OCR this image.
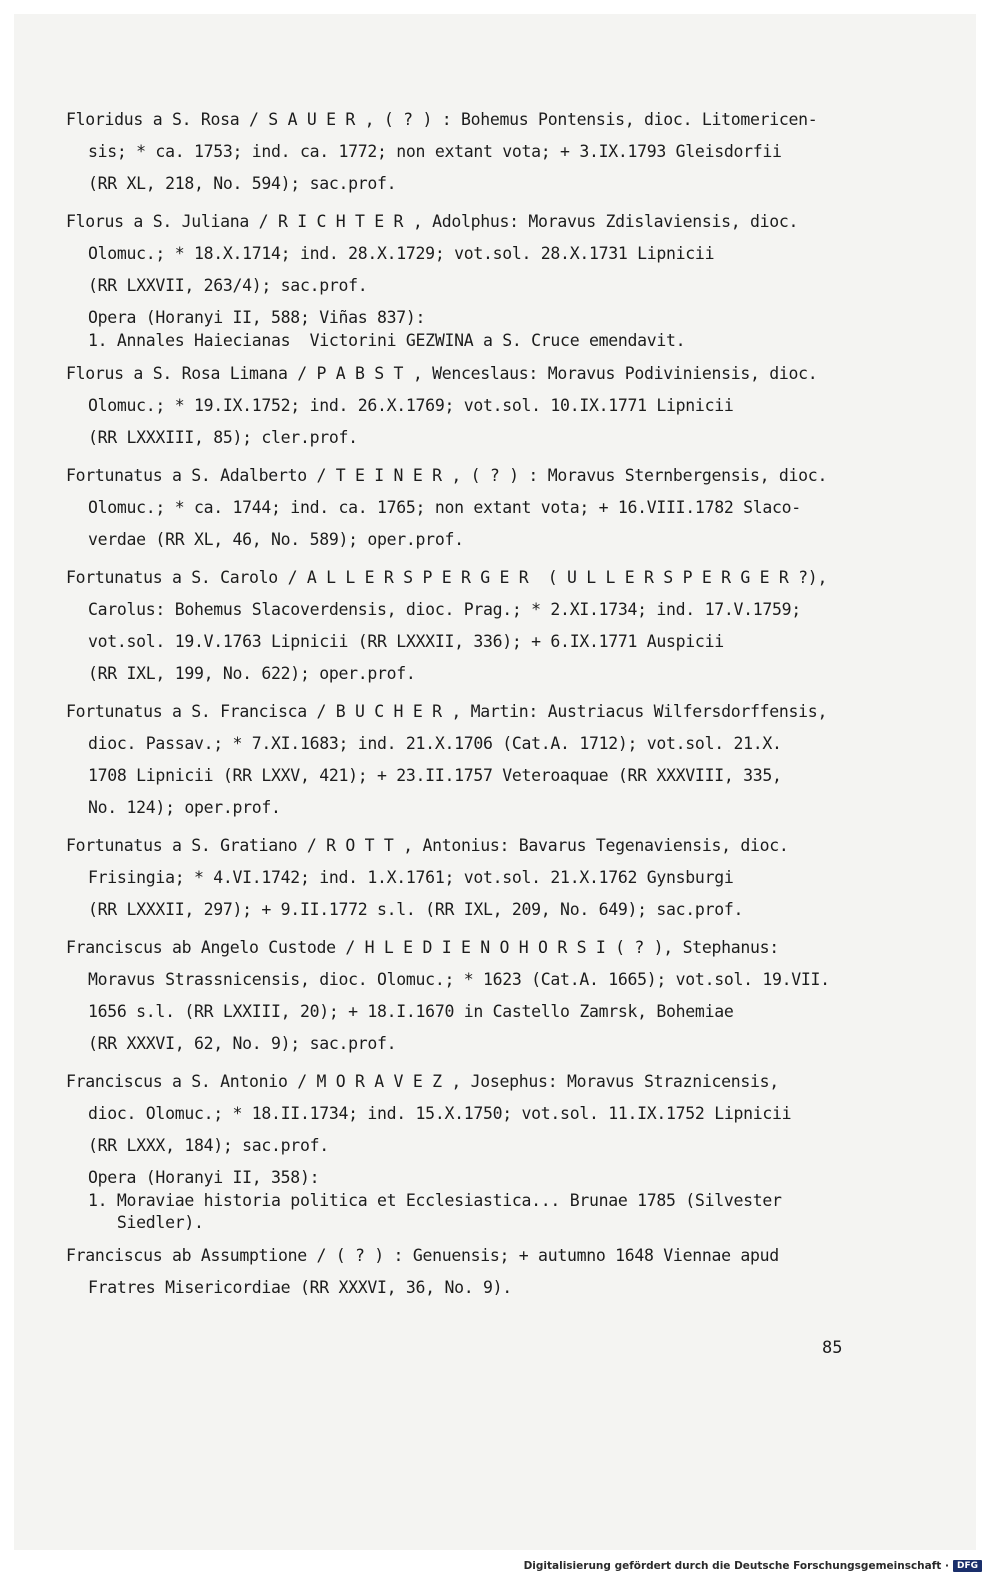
Floridus a S. Rosa / S A U E R , ( ? ) : Bohemus Pontensis, dioc. Litomericen-
sis; * ca. 1753; ind. ca. 1772; non extant vota; + 3.IX.1793 Gleisdorfii
(RR XL, 218, No. 594); sac.prof.
Florus a S. Juliana / R I C H T E R , Adolphus: Moravus Zdislaviensis, dioc.
Olomuc.; * 18.X.1714; ind. 28.X.1729; vot.sol. 28.X.1731 Lipnicii
(RR LXXVII, 263/4); sac.prof.
Opera (Horanyi II, 588; Viñas 837):
1. Annales Haiecianas  Victorini GEZWINA a S. Cruce emendavit.
Florus a S. Rosa Limana / P A B S T , Wenceslaus: Moravus Podiviniensis, dioc.
Olomuc.; * 19.IX.1752; ind. 26.X.1769; vot.sol. 10.IX.1771 Lipnicii
(RR LXXXIII, 85); cler.prof.
Fortunatus a S. Adalberto / T E I N E R , ( ? ) : Moravus Sternbergensis, dioc.
Olomuc.; * ca. 1744; ind. ca. 1765; non extant vota; + 16.VIII.1782 Slaco-
verdae (RR XL, 46, No. 589); oper.prof.
Fortunatus a S. Carolo / A L L E R S P E R G E R  ( U L L E R S P E R G E R ?),
Carolus: Bohemus Slacoverdensis, dioc. Prag.; * 2.XI.1734; ind. 17.V.1759;
vot.sol. 19.V.1763 Lipnicii (RR LXXXII, 336); + 6.IX.1771 Auspicii
(RR IXL, 199, No. 622); oper.prof.
Fortunatus a S. Francisca / B U C H E R , Martin: Austriacus Wilfersdorffensis,
dioc. Passav.; * 7.XI.1683; ind. 21.X.1706 (Cat.A. 1712); vot.sol. 21.X.
1708 Lipnicii (RR LXXV, 421); + 23.II.1757 Veteroaquae (RR XXXVIII, 335,
No. 124); oper.prof.
Fortunatus a S. Gratiano / R O T T , Antonius: Bavarus Tegenaviensis, dioc.
Frisingia; * 4.VI.1742; ind. 1.X.1761; vot.sol. 21.X.1762 Gynsburgi
(RR LXXXII, 297); + 9.II.1772 s.l. (RR IXL, 209, No. 649); sac.prof.
Franciscus ab Angelo Custode / H L E D I E N O H O R S I ( ? ), Stephanus:
Moravus Strassnicensis, dioc. Olomuc.; * 1623 (Cat.A. 1665); vot.sol. 19.VII.
1656 s.l. (RR LXXIII, 20); + 18.I.1670 in Castello Zamrsk, Bohemiae
(RR XXXVI, 62, No. 9); sac.prof.
Franciscus a S. Antonio / M O R A V E Z , Josephus: Moravus Straznicensis,
dioc. Olomuc.; * 18.II.1734; ind. 15.X.1750; vot.sol. 11.IX.1752 Lipnicii
(RR LXXX, 184); sac.prof.
Opera (Horanyi II, 358):
1. Moraviae historia politica et Ecclesiastica... Brunae 1785 (Silvester
Siedler).
Franciscus ab Assumptione / ( ? ) : Genuensis; + autumno 1648 Viennae apud
Fratres Misericordiae (RR XXXVI, 36, No. 9).
85
Digitalisierung gefördert durch die Deutsche Forschungsgemeinschaft · DFG
